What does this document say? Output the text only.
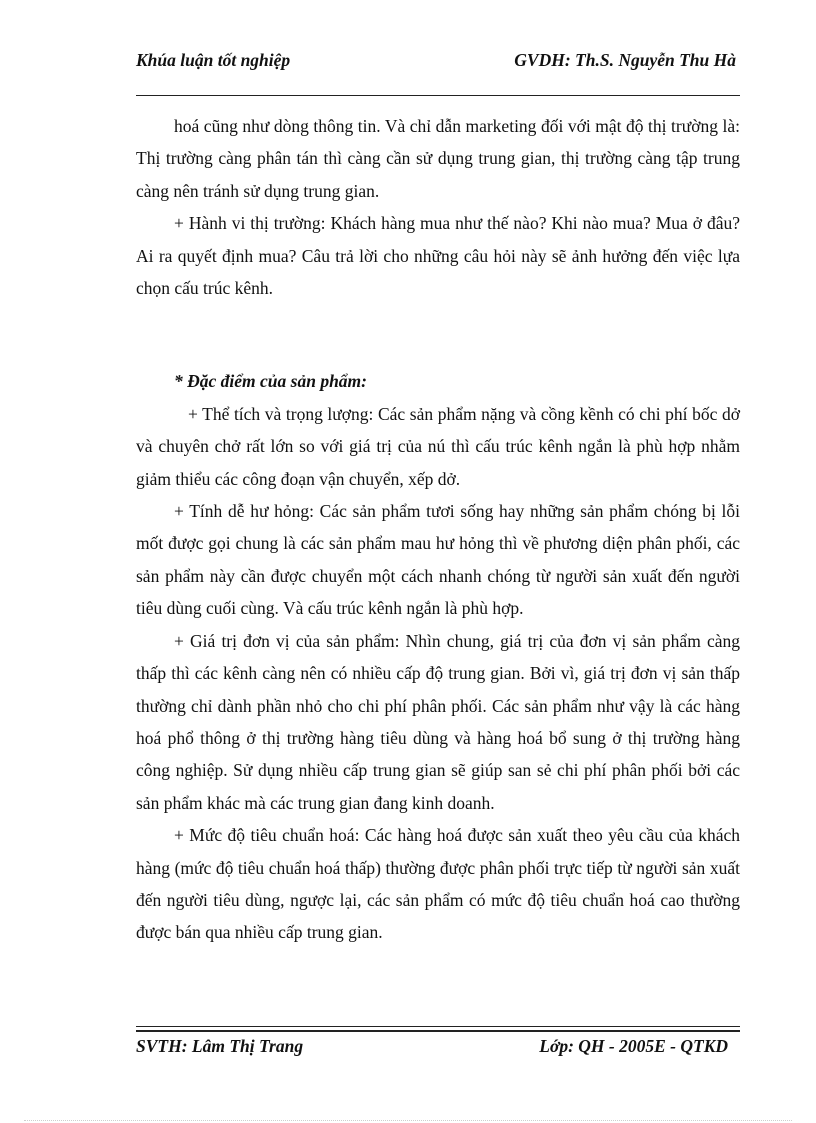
Khúa luận tốt nghiệp	GVDH: Th.S. Nguyễn Thu Hà

hoá cũng như dòng thông tin. Và chỉ dẫn marketing đối với mật độ thị trường là: Thị trường càng phân tán thì càng cần sử dụng trung gian, thị trường càng tập trung càng nên tránh sử dụng trung gian.

+ Hành vi thị trường: Khách hàng mua như thế nào? Khi nào mua? Mua ở đâu? Ai ra quyết định mua? Câu trả lời cho những câu hỏi này sẽ ảnh hưởng đến việc lựa chọn cấu trúc kênh.

* Đặc điểm của sản phẩm:

+ Thể tích và trọng lượng: Các sản phẩm nặng và cồng kềnh có chi phí bốc dở và chuyên chở rất lớn so với giá trị của nú thì cấu trúc kênh ngắn là phù hợp nhằm giảm thiểu các công đoạn vận chuyển, xếp dở.

+ Tính dễ hư hỏng: Các sản phẩm tươi sống hay những sản phẩm chóng bị lỗi mốt được gọi chung là các sản phẩm mau hư hỏng thì về phương diện phân phối, các sản phẩm này cần được chuyển một cách nhanh chóng từ người sản xuất đến người tiêu dùng cuối cùng. Và cấu trúc kênh ngắn là phù hợp.

+ Giá trị đơn vị của sản phẩm: Nhìn chung, giá trị của đơn vị sản phẩm càng thấp thì các kênh càng nên có nhiều cấp độ trung gian. Bởi vì, giá trị đơn vị sản thấp thường chỉ dành phần nhỏ cho chi phí phân phối. Các sản phẩm như vậy là các hàng hoá phổ thông ở thị trường hàng tiêu dùng và hàng hoá bổ sung ở thị trường hàng công nghiệp. Sử dụng nhiều cấp trung gian sẽ giúp san sẻ chi phí phân phối bởi các sản phẩm khác mà các trung gian đang kinh doanh.

+ Mức độ tiêu chuẩn hoá: Các hàng hoá được sản xuất theo yêu cầu của khách hàng (mức độ tiêu chuẩn hoá thấp) thường được phân phối trực tiếp từ người sản xuất đến người tiêu dùng, ngược lại, các sản phẩm có mức độ tiêu chuẩn hoá cao thường được bán qua nhiều cấp trung gian.

SVTH: Lâm Thị Trang	Lớp: QH - 2005E - QTKD
